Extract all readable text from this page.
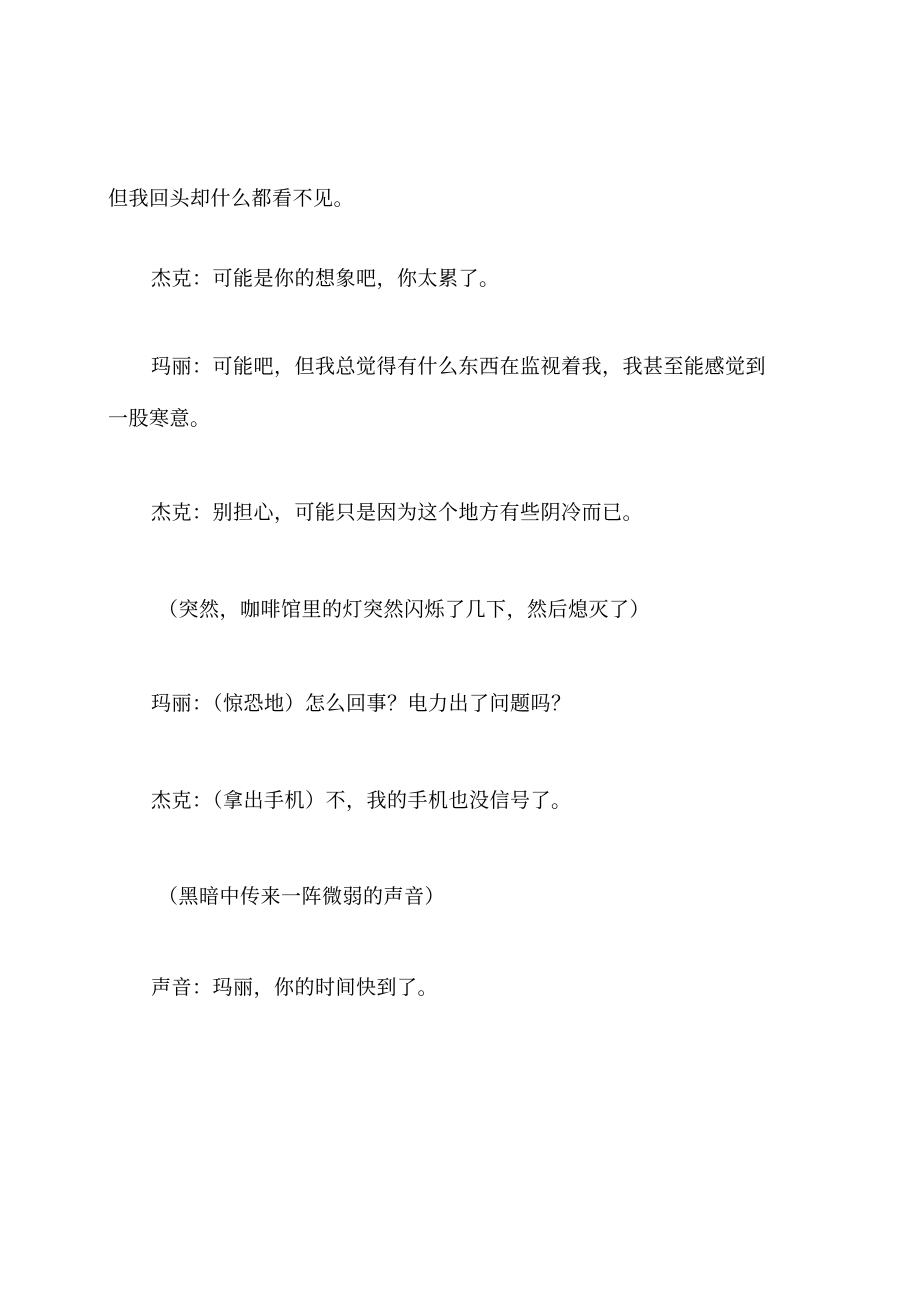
但我回头却什么都看不见。
杰克：可能是你的想象吧，你太累了。
玛丽：可能吧，但我总觉得有什么东西在监视着我，我甚至能感觉到
一股寒意。
杰克：别担心，可能只是因为这个地方有些阴冷而已。
（突然，咖啡馆里的灯突然闪烁了几下，然后熄灭了）
玛丽：（惊恐地）怎么回事？电力出了问题吗？
杰克：（拿出手机）不，我的手机也没信号了。
（黑暗中传来一阵微弱的声音）
声音：玛丽，你的时间快到了。
